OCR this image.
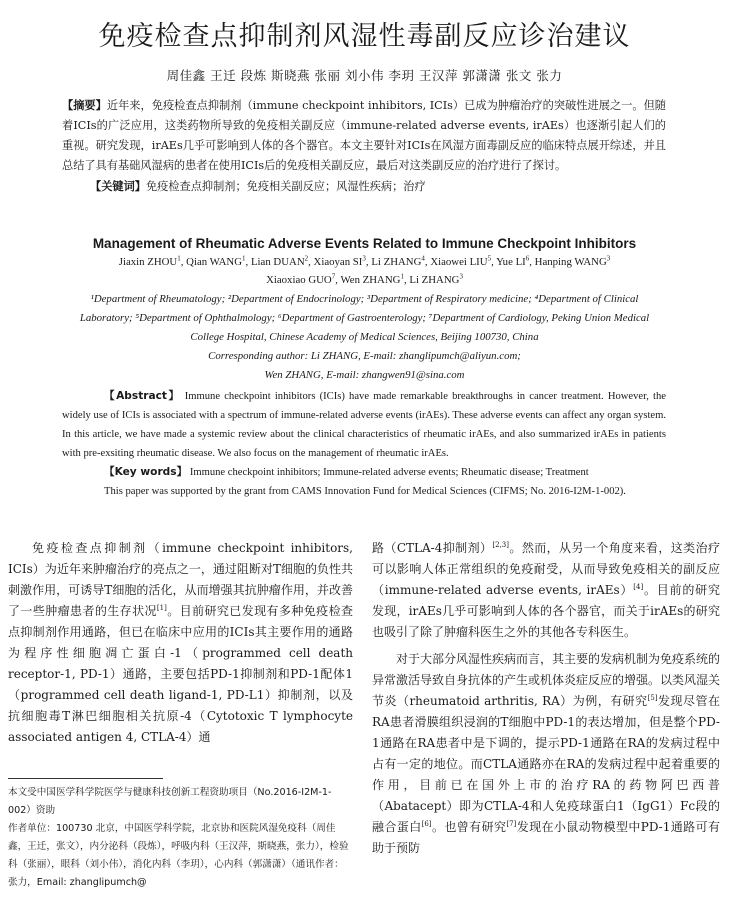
免疫检查点抑制剂风湿性毒副反应诊治建议
周佳鑫 王迁 段炼 斯晓燕 张丽 刘小伟 李玥 王汉萍 郭潇潇 张文 张力
【摘要】近年来，免疫检查点抑制剂（immune checkpoint inhibitors, ICIs）已成为肿瘤治疗的突破性进展之一。但随着ICIs的广泛应用，这类药物所导致的免疫相关副反应（immune-related adverse events, irAEs）也逐渐引起人们的重视。研究发现，irAEs几乎可影响到人体的各个器官。本文主要针对ICIs在风湿方面毒副反应的临床特点展开综述，并且总结了具有基础风湿病的患者在使用ICIs后的免疫相关副反应，最后对这类副反应的治疗进行了探讨。
【关键词】免疫检查点抑制剂；免疫相关副反应；风湿性疾病；治疗
Management of Rheumatic Adverse Events Related to Immune Checkpoint Inhibitors
Jiaxin ZHOU$^1$, Qian WANG$^1$, Lian DUAN$^2$, Xiaoyan $SI^3$, Li ZHANG$^4$, Xiaowei LIU$^5$, Yue $LI^6$, Hanping WANG$^3$
Xiaoxiao GUO$^7$, Wen ZHANG$^1$, Li ZHANG$^3$
¹Department of Rheumatology; ²Department of Endocrinology; ³Department of Respiratory medicine; ⁴Department of Clinical
Laboratory; ⁵Department of Ophthalmology; ⁶Department of Gastroenterology; ⁷Department of Cardiology, Peking Union Medical
College Hospital, Chinese Academy of Medical Sciences, Beijing 100730, China
Corresponding author: Li ZHANG, E-mail: zhanglipumch@aliyun.com;
Wen ZHANG, E-mail: zhangwen91@sina.com
【Abstract】 Immune checkpoint inhibitors (ICIs) have made remarkable breakthroughs in cancer treatment. However, the widely use of ICIs is associated with a spectrum of immune-related adverse events (irAEs). These adverse events can affect any organ system. In this article, we have made a systemic review about the clinical characteristics of rheumatic irAEs, and also summarized irAEs in patients with pre-exsiting rheumatic disease. We also focus on the management of rheumatic irAEs.
【Key words】 Immune checkpoint inhibitors; Immune-related adverse events; Rheumatic disease; Treatment
This paper was supported by the grant from CAMS Innovation Fund for Medical Sciences (CIFMS; No. 2016-I2M-1-002).
免疫检查点抑制剂（immune checkpoint inhibitors, ICIs）为近年来肿瘤治疗的亮点之一，通过阻断对T细胞的负性共刺激作用，可诱导T细胞的活化，从而增强其抗肿瘤作用，并改善了一些肿瘤患者的生存状况[1]。目前研究已发现有多种免疫检查点抑制剂作用通路，但已在临床中应用的ICIs其主要作用的通路为程序性细胞凋亡蛋白-1（programmed cell death receptor-1, PD-1）通路，主要包括PD-1抑制剂和PD-1配体1（programmed cell death ligand-1, PD-L1）抑制剂，以及抗细胞毒T淋巴细胞相关抗原-4（Cytotoxic T lymphocyte associated antigen 4, CTLA-4）通

本文受中国医学科学院医学与健康科技创新工程资助项目（No.2016-I2M-1-002）资助

作者单位：100730 北京，中国医学科学院，北京协和医院风湿免疫科（周佳鑫，王迁，张文），内分泌科（段炼），呼吸内科（王汉萍，斯晓燕，张力），检验科（张丽），眼科（刘小伟），消化内科（李玥），心内科（郭潇潇）（通讯作者：张力，Email: zhanglipumch@

路（CTLA-4抑制剂）[2,3]。然而，从另一个角度来看，这类治疗可以影响人体正常组织的免疫耐受，从而导致免疫相关的副反应（immune-related adverse events, irAEs）[4]。目前的研究发现，irAEs几乎可影响到人体的各个器官，而关于irAEs的研究也吸引了除了肿瘤科医生之外的其他各专科医生。

对于大部分风湿性疾病而言，其主要的发病机制为免疫系统的异常激活导致自身抗体的产生或机体炎症反应的增强。以类风湿关节炎（rheumatoid arthritis, RA）为例，有研究[5]发现尽管在RA患者滑膜组织浸润的T细胞中PD-1的表达增加，但是整个PD-1通路在RA患者中是下调的，提示PD-1通路在RA的发病过程中占有一定的地位。而CTLA通路亦在RA的发病过程中起着重要的作用，目前已在国外上市的治疗RA的药物阿巴西普（Abatacept）即为CTLA-4和人免疫球蛋白1（IgG1）Fc段的融合蛋白[6]。也曾有研究[7]发现在小鼠动物模型中PD-1通路可有助于预防
